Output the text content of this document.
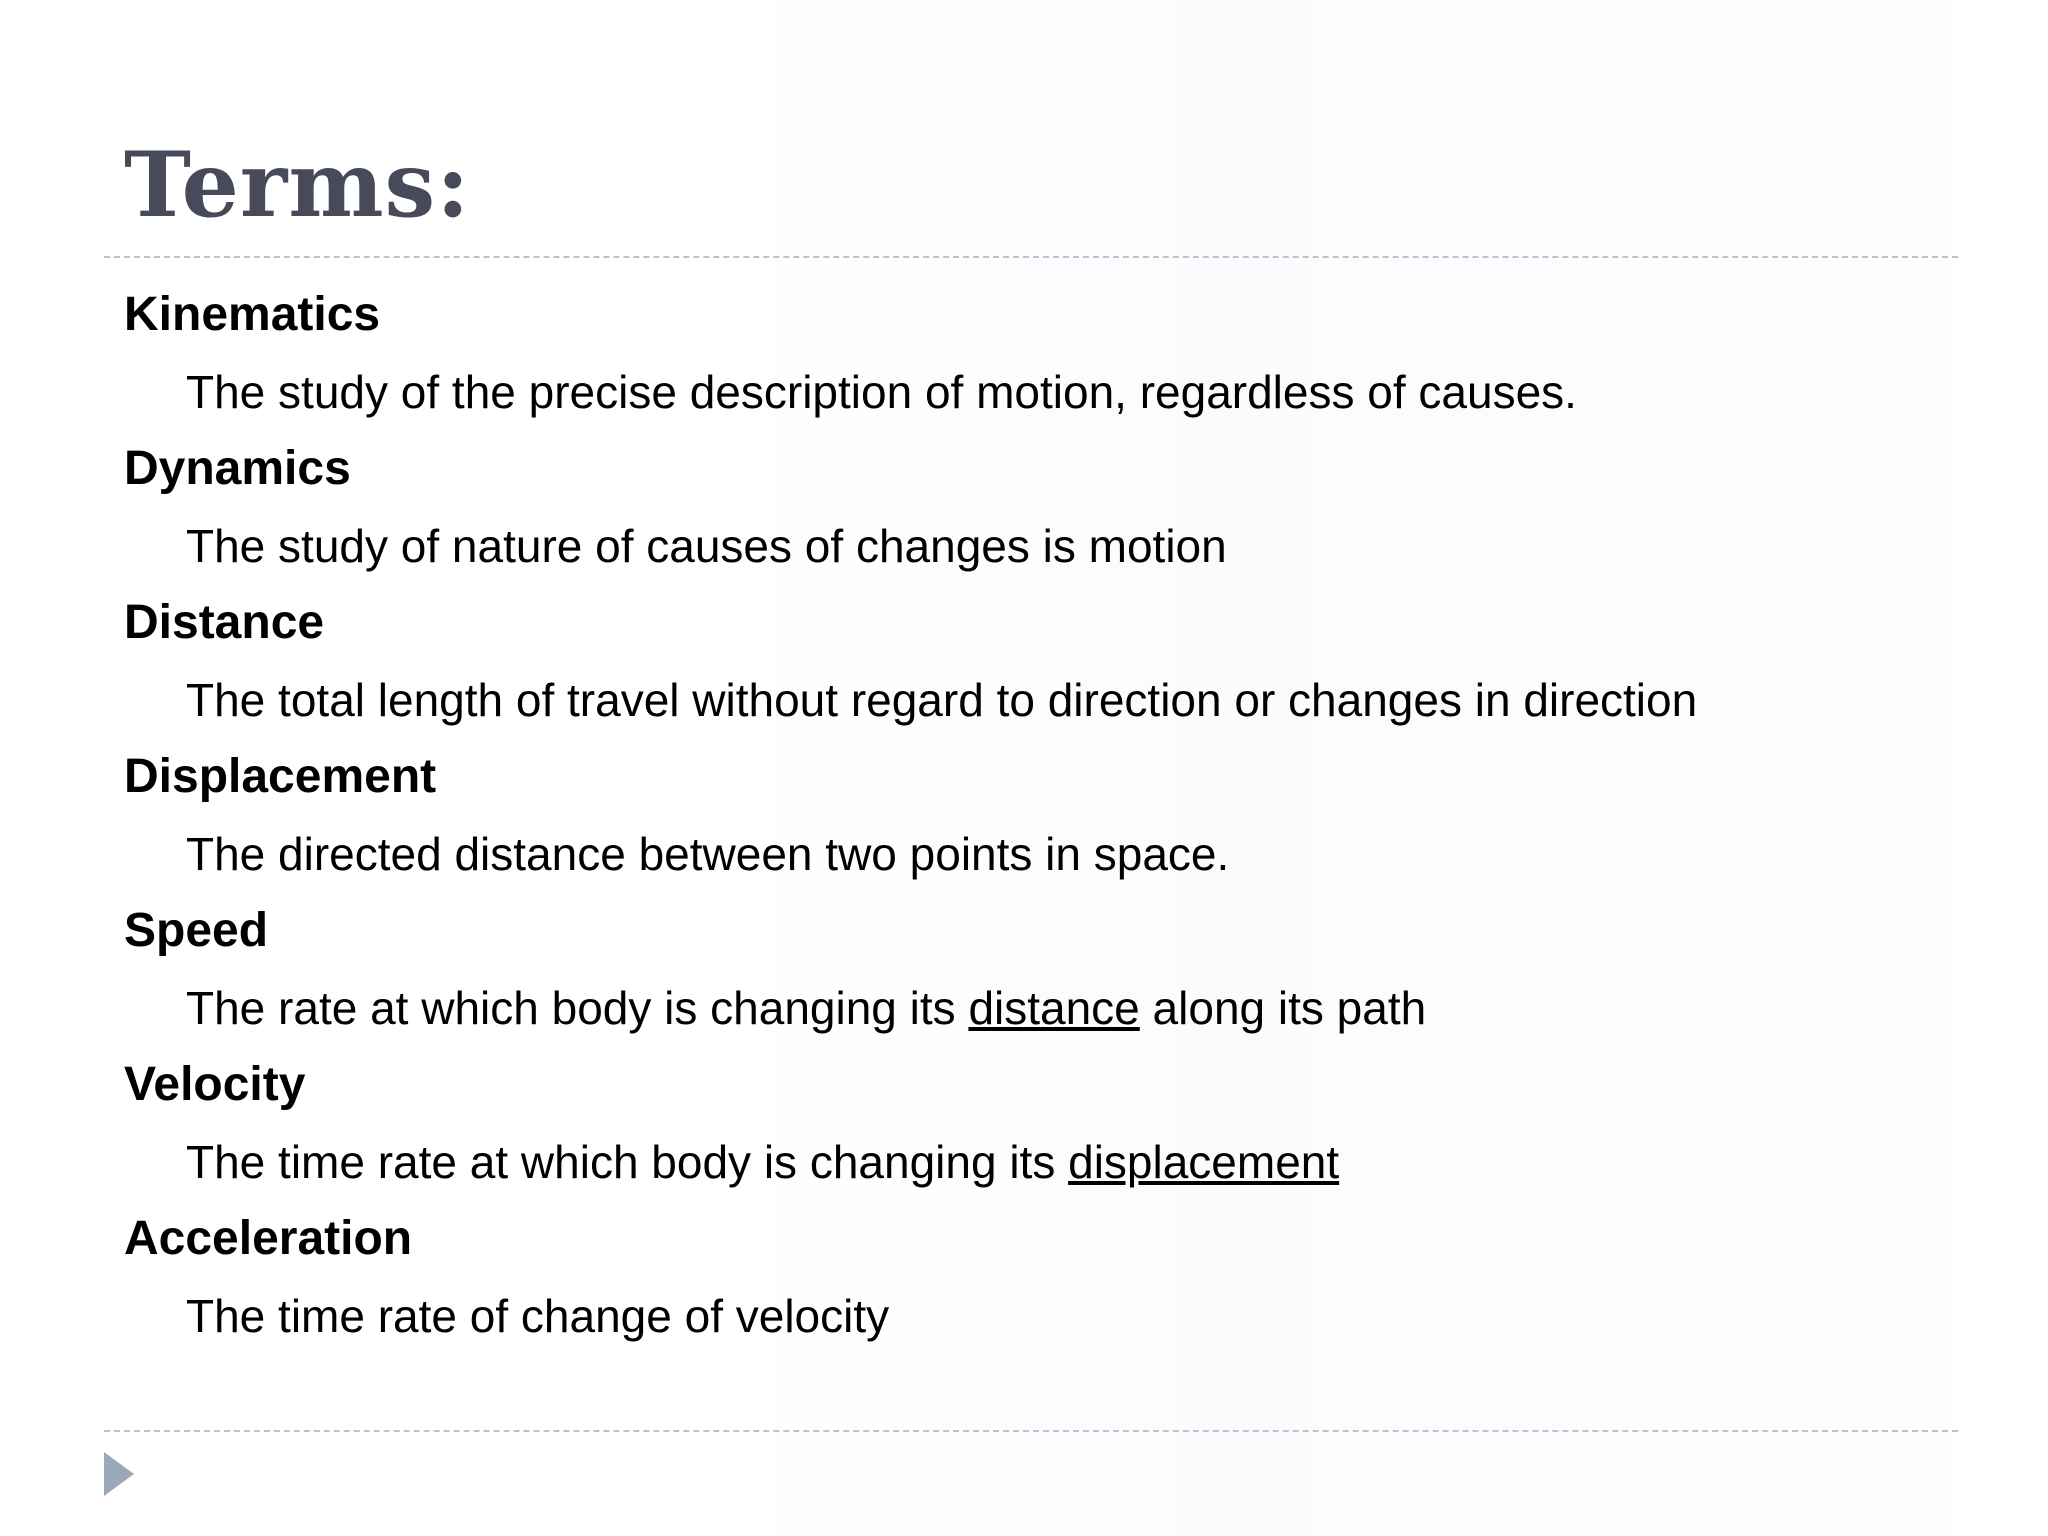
Terms:
Kinematics
The study of the precise description of motion, regardless of causes.
Dynamics
The study of nature of causes of changes is motion
Distance
The total length of travel without regard to direction or changes in direction
Displacement
The directed distance between two points in space.
Speed
The rate at which body is changing its distance along its path
Velocity
The time rate at which body is changing its displacement
Acceleration
The time rate of change of velocity
